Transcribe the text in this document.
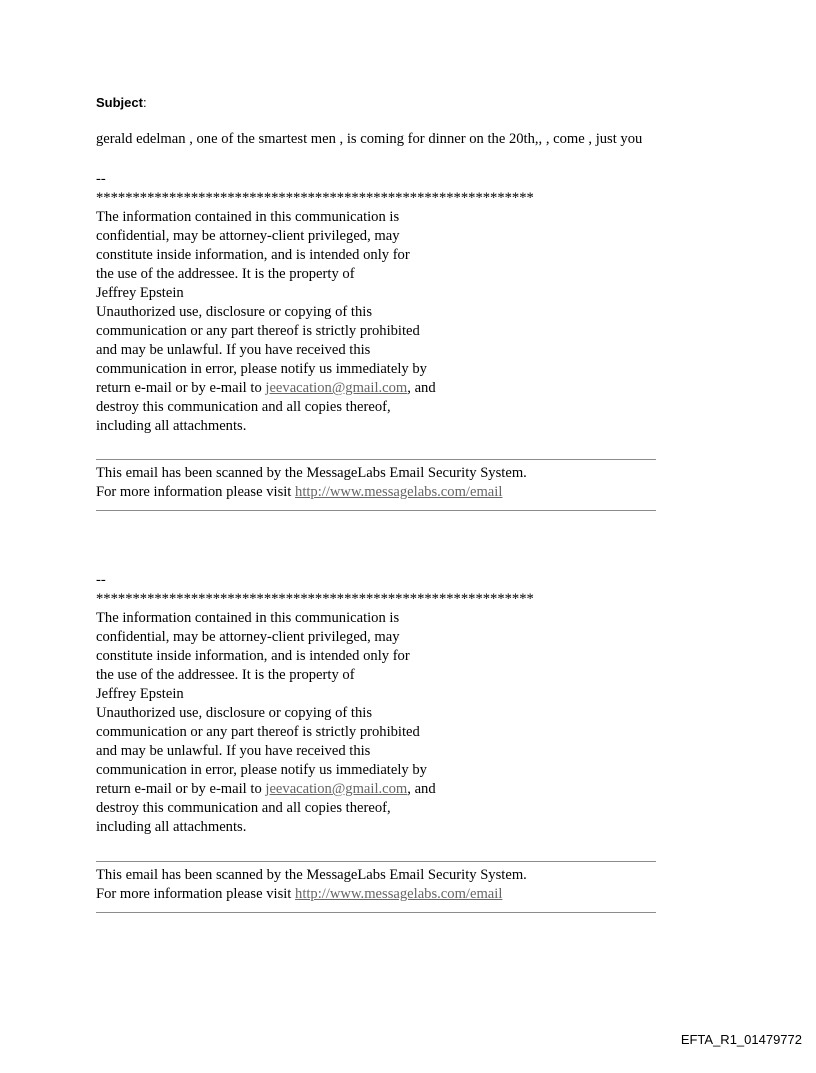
Subject:
gerald edelman , one of the smartest men , is coming for dinner on the 20th,, , come , just you
--
************************************************************
The information contained in this communication is
confidential, may be attorney-client privileged, may
constitute inside information, and is intended only for
the use of the addressee. It is the property of
Jeffrey Epstein
Unauthorized use, disclosure or copying of this
communication or any part thereof is strictly prohibited
and may be unlawful. If you have received this
communication in error, please notify us immediately by
return e-mail or by e-mail to jeevacation@gmail.com, and
destroy this communication and all copies thereof,
including all attachments.
This email has been scanned by the MessageLabs Email Security System.
For more information please visit http://www.messagelabs.com/email
--
************************************************************
The information contained in this communication is
confidential, may be attorney-client privileged, may
constitute inside information, and is intended only for
the use of the addressee. It is the property of
Jeffrey Epstein
Unauthorized use, disclosure or copying of this
communication or any part thereof is strictly prohibited
and may be unlawful. If you have received this
communication in error, please notify us immediately by
return e-mail or by e-mail to jeevacation@gmail.com, and
destroy this communication and all copies thereof,
including all attachments.
This email has been scanned by the MessageLabs Email Security System.
For more information please visit http://www.messagelabs.com/email
EFTA_R1_01479772
